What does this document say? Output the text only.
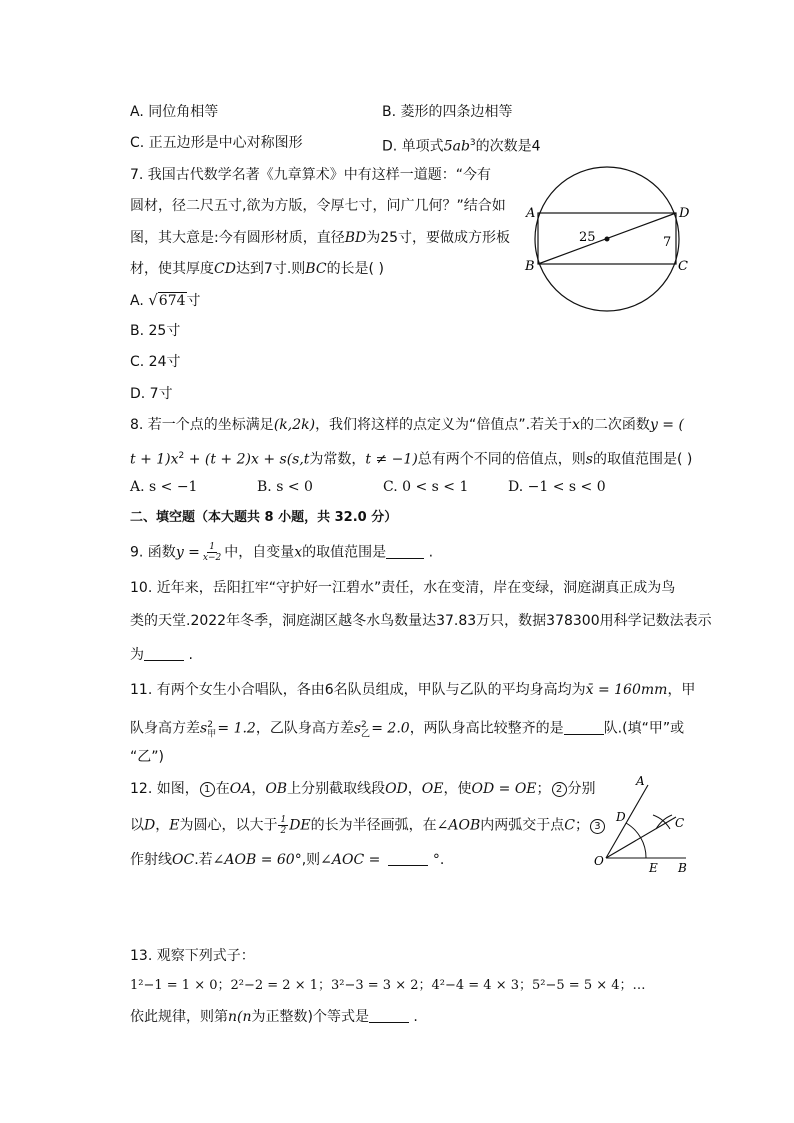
A. 同位角相等	B. 菱形的四条边相等
C. 正五边形是中心对称图形	D. 单项式$5ab^3$的次数是4
7. 我国古代数学名著《九章算术》中有这样一道题：“今有
圆材，径二尺五寸,欲为方版，令厚七寸，问广几何？”结合如
图，其大意是:今有圆形材质，直径BD为25寸，要做成方形板
材，使其厚度CD达到7寸.则BC的长是( )
A. √674寸
B. 25寸
C. 24寸
D. 7寸
A
B	C
D
25	7
8. 若一个点的坐标满足(k,2k)，我们将这样的点定义为“倍值点”.若关于x的二次函数y = (
$t + 1)x^2 + (t + 2)x + s(s,t$为常数，t ≠ −1)总有两个不同的倍值点，则s的取值范围是( )
A. s < −1	B. s < 0	C. 0 < s < 1	D. −1 < s < 0
二、填空题（本大题共 8 小题，共 32.0 分）
9. 函数$y = \frac{1}{x-2}$ 中，自变量x的取值范围是	.
10. 近年来，岳阳扛牢“守护好一江碧水”责任，水在变清，岸在变绿，洞庭湖真正成为鸟
类的天堂.2022年冬季，洞庭湖区越冬水鸟数量达37.83万只，数据378300用科学记数法表示
为	.
11. 有两个女生小合唱队，各由6名队员组成，甲队与乙队的平均身高均为x̄ = 160mm，甲
队身高方差$s_甲^2 = 1.2$，乙队身高方差$s_乙^2 = 2.0$，两队身高比较整齐的是	队.(填“甲”或
“乙”)
12. 如图， 1 在OA，OB上分别截取线段OD，OE，使OD = OE； 2 分别
以D，E为圆心，以大于 $\frac{1}{2}$ DE的长为半径画弧，在∠AOB内两弧交于点C； 3
作射线OC.若∠AOB = 60°,则∠AOC =	°.
A
D	C
O	E B
13. 观察下列式子：
1²−1 = 1 × 0；2²−2 = 2 × 1；3²−3 = 3 × 2；4²−4 = 4 × 3；5²−5 = 5 × 4；…
依此规律，则第n(n为正整数)个等式是	.
